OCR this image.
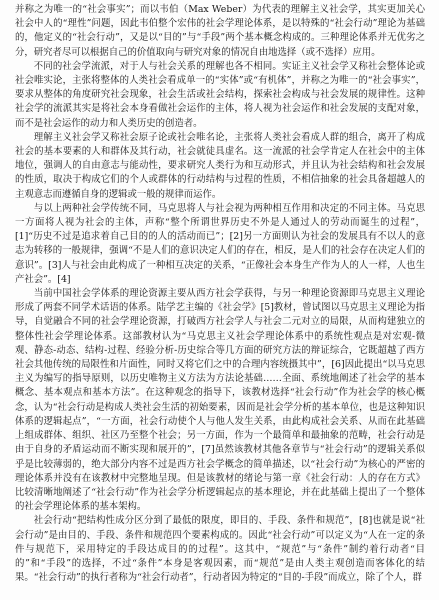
并称之为唯一的“社会事实”；而以韦伯（Max Weber）为代表的理解主义社会学，其实更加关心社会中人的“理性”问题，因此韦伯整个宏伟的社会学理论体系，是以特殊的“社会行动”理论为基础的，他定义的“社会行动”，又是以“目的”与“手段”两个基本概念构成的。三种理论体系并无优劣之分，研究者尽可以根据自己的价值取向与研究对象的情况自由地选择（或不选择）应用。

不同的社会学流派，对于人与社会关系的理解也各不相同。实证主义社会学又称社会整体论或社会唯实论，主张将整体的人类社会看成单一的“实体”或“有机体”，并称之为唯一的“社会事实”，要求从整体的角度研究社会现象，社会生活或社会结构，探索社会构成与社会发展的规律性。这种社会学的流派其实是将社会本身看做社会运作的主体，将人视为社会运作和社会发展的支配对象，而不是社会运作的动力和人类历史的创造者。

理解主义社会学又称社会原子论或社会唯名论，主张将人类社会看成人群的组合，离开了构成社会的基本要素的人和群体及其行动，社会就徒具虚名。这一流派的社会学肯定人在社会中的主体地位，强调人的自由意志与能动性，要求研究人类行为和互动形式，并且认为社会结构和社会发展的性质，取决于构成它们的个人或群体的行动结构与过程的性质，不相信抽象的社会具备超越人的主观意志而遵循自身的逻辑或一般的规律而运作。

与以上两种社会学传统不同，马克思将人与社会视为两种相互作用和决定的不同主体。马克思一方面将人视为社会的主体，声称“整个所谓世界历史不外是人通过人的劳动而诞生的过程”，[1]“历史不过是追求着自己目的的人的活动而已”；[2]另一方面则认为社会的发展具有不以人的意志为转移的一般规律，强调“不是人们的意识决定人们的存在，相反，是人们的社会存在决定人们的意识”。[3]人与社会由此构成了一种相互决定的关系，“正像社会本身生产作为人的人一样，人也生产社会”。[4]

当前中国社会学体系的理论资源主要从西方社会学获得，与另一种理论资源即马克思主义理论形成了两套不同学术话语的体系。陆学艺主编的《社会学》[5]教材，曾试图以马克思主义理论为指导，自觉融合不同的社会学理论资源，打破西方社会学人与社会二元对立的局限，从而构建独立的整体性社会学理论体系。这部教材认为“马克思主义社会学理论体系中的系统性观点是对宏观-微观、静态-动态、结构-过程、经验分析-历史综合等几方面的研究方法的辩证综合，它既超越了西方社会其他传统的局限性和片面性，同时又将它们之中的合理内容统摄其中”，[6]因此提出“以马克思主义为编写的指导原则，以历史唯物主义方法为方法论基础……全面、系统地阐述了社会学的基本概念、基本观点和基本方法”。在这种观念的指导下，该教材选择“社会行动”作为社会学的核心概念，认为“社会行动是构成人类社会生活的初始要素，因而是社会学分析的基本单位，也是这种知识体系的逻辑起点”，“一方面，社会行动使个人与他人发生关系，由此构成社会关系、从而在此基础上组成群体、组织、社区乃至整个社会；另一方面，作为一个最简单和最抽象的范畴，社会行动是由于自身的矛盾运动而不断实现和展开的”，[7]虽然该教材其他各章节与“社会行动”的逻辑关系似乎是比较薄弱的，绝大部分内容不过是西方社会学概念的简单描述，以“社会行动”为核心的严密的理论体系并没有在该教材中完整地呈现。但是该教材的绪论与第一章《社会行动：人的存在方式》比较清晰地阐述了“社会行动”作为社会学分析逻辑起点的基本理论，并在此基础上提出了一个整体的社会学理论体系的基本架构。

社会行动“把结构性成分区分到了最低的限度，即目的、手段、条件和规范”，[8]也就是说“社会行动”是由目的、手段、条件和规范四个要素构成的。因此“社会行动”可以定义为“人在一定的条件与规范下，采用特定的手段达成目的的过程”。这其中，“规范”与“条件”制约着行动者“目的”和“手段”的选择，不过“条件”本身是客观因素，而“规范”是由人类主观创造而客体化的结果。“社会行动”的执行者称为“社会行动者”，行动者因为特定的“目的-手段”而成立，除了个人，群
